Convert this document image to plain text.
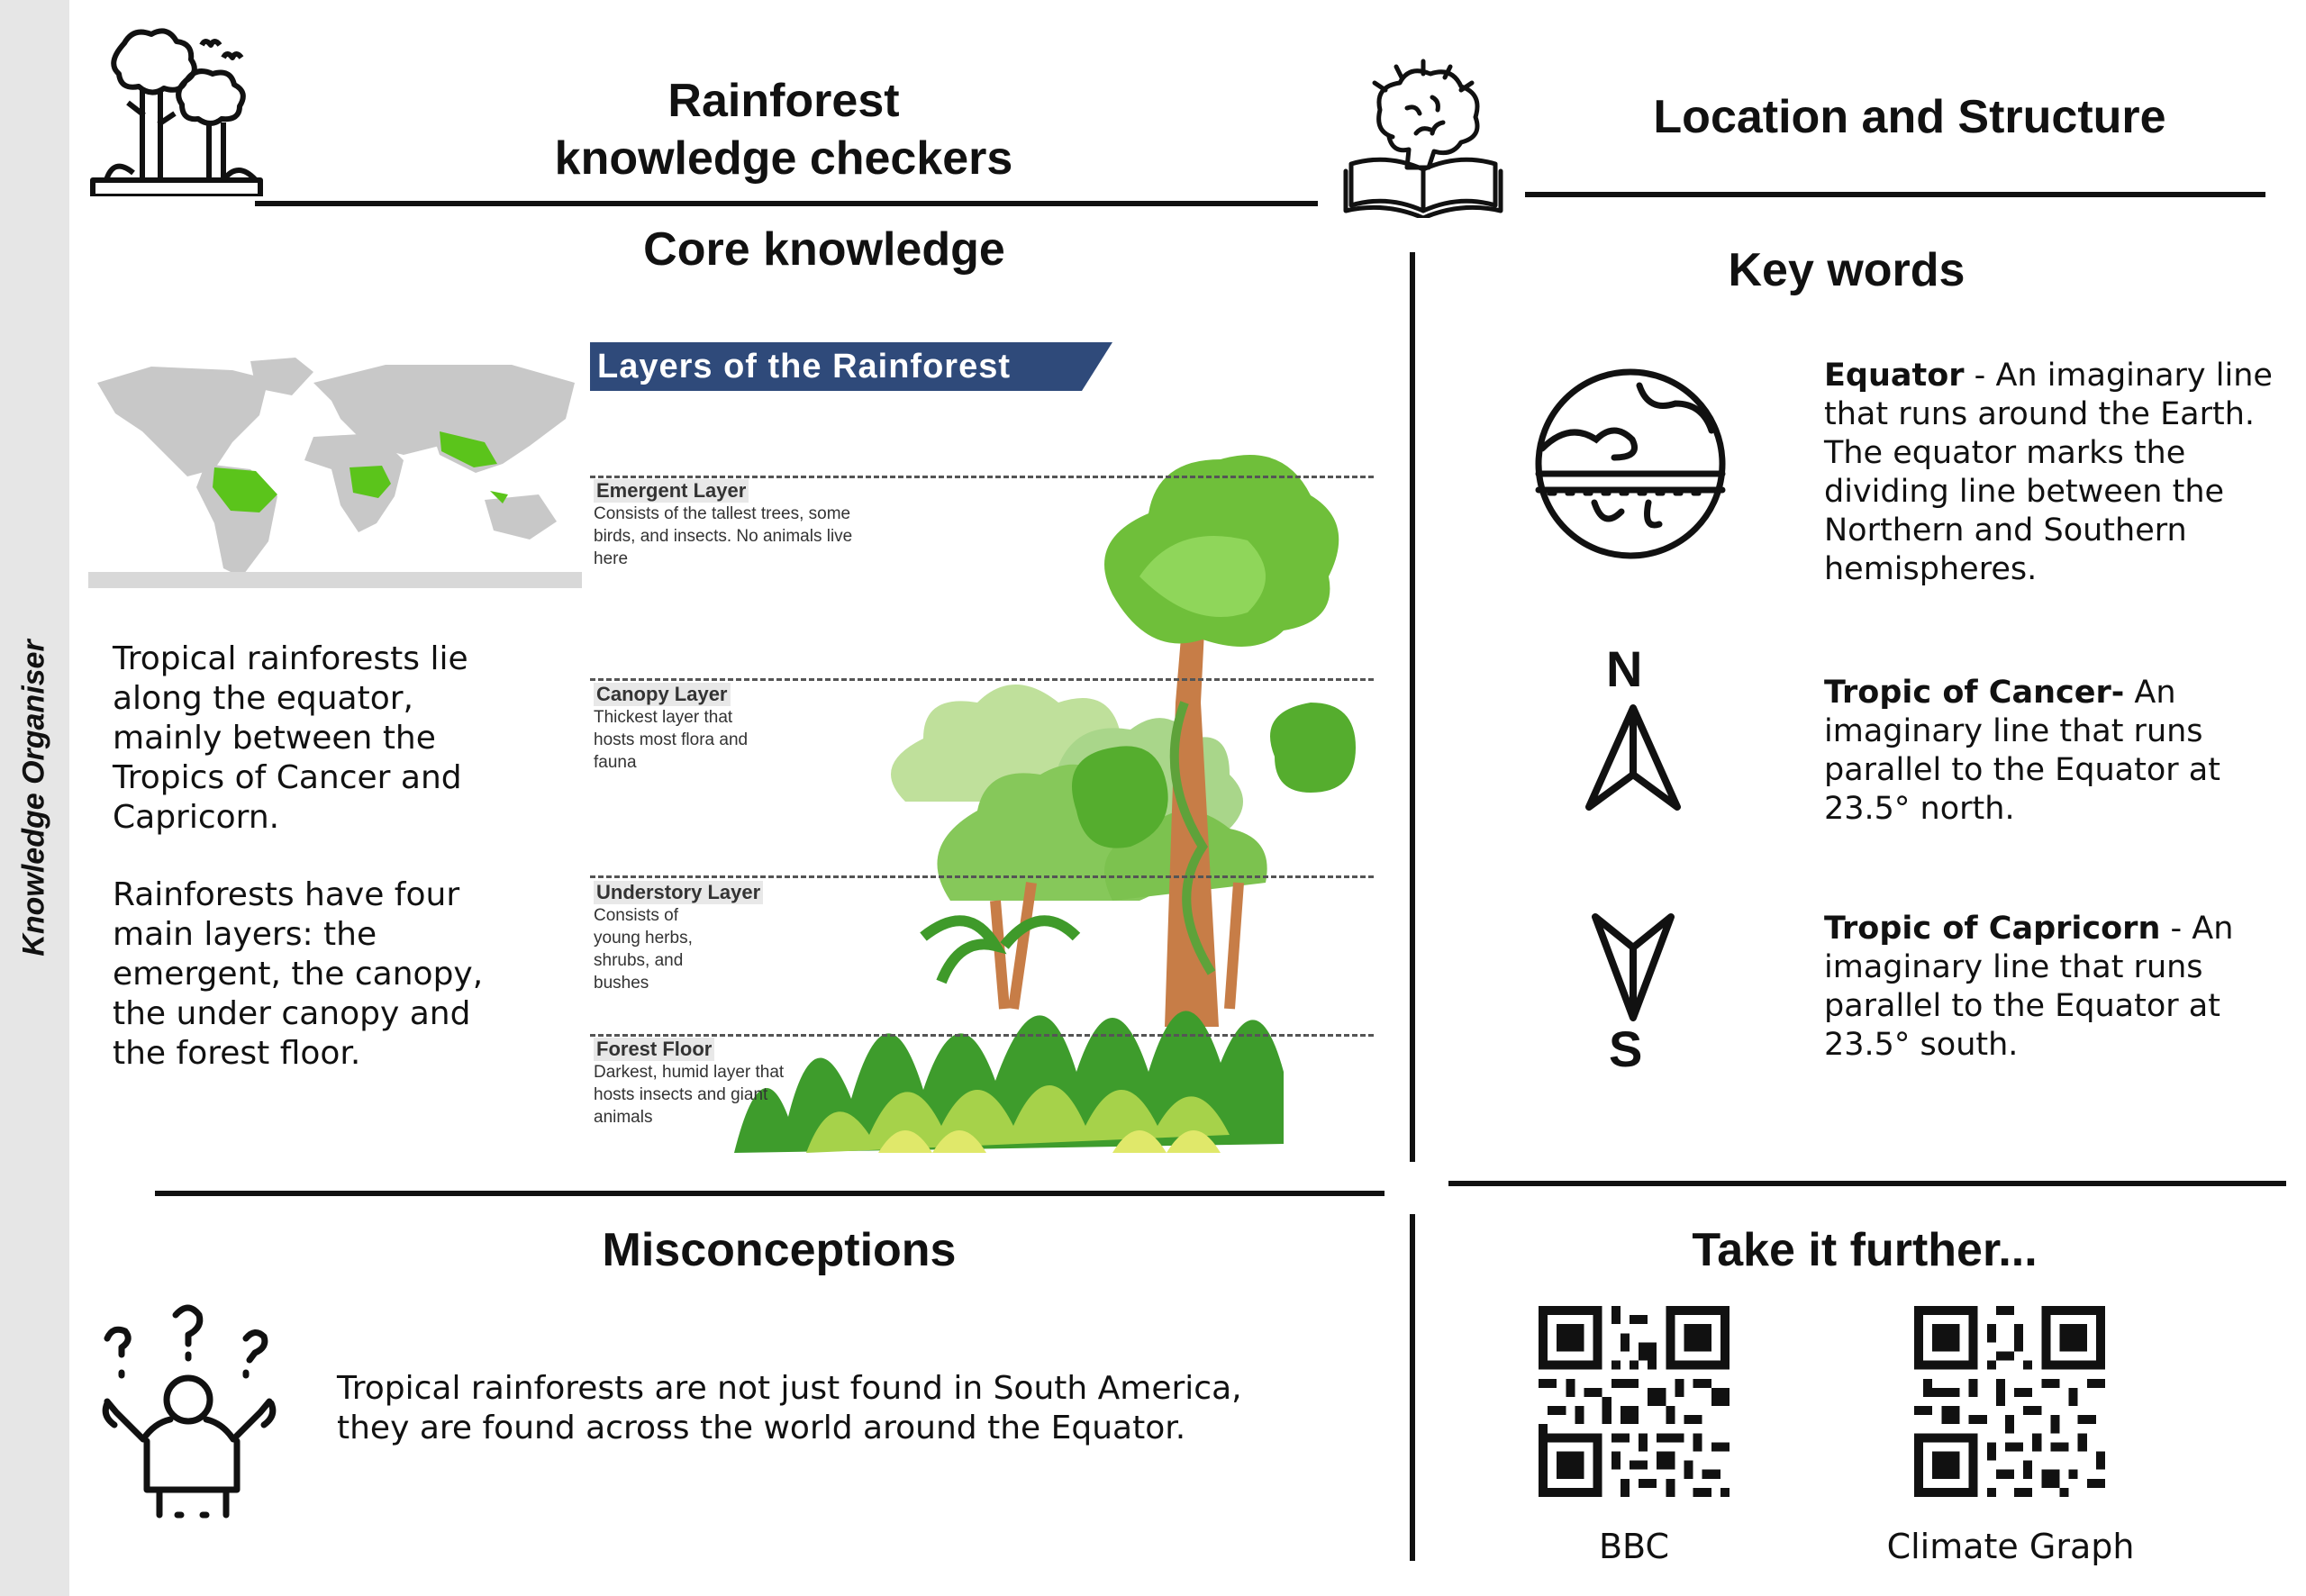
Knowledge Organiser
Rainforest
knowledge checkers
Location and Structure
Core knowledge
Tropical rainforests lie along the equator, mainly between the Tropics of Cancer and Capricorn.
Rainforests have four main layers: the emergent, the canopy, the under canopy and the forest floor.
Layers of the Rainforest
Emergent Layer
Consists of the tallest trees, some birds, and insects. No animals live here
Canopy Layer
Thickest layer that hosts most flora and fauna
Understory Layer
Consists of young herbs, shrubs, and bushes
Forest Floor
Darkest, humid layer that hosts insects and giant animals
Key words
Equator - An imaginary line that runs around the Earth. The equator marks the dividing line between the Northern and Southern hemispheres.
N	Tropic of Cancer- An imaginary line that runs parallel to the Equator at 23.5° north.
S
Tropic of Capricorn - An imaginary line that runs parallel to the Equator at 23.5° south.
Misconceptions
Tropical rainforests are not just found in South America, they are found across the world around the Equator.
Take it further...
BBC	Climate Graph
